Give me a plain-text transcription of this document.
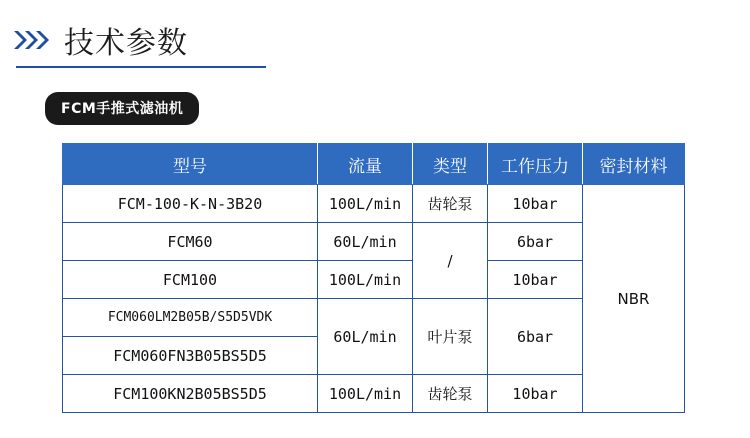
技术参数
FCM手推式滤油机
型号	流量	类型	工作压力	密封材料
FCM-100-K-N-3B20	100L/min	齿轮泵	10bar	NBR
FCM60	60L/min	/	6bar	
FCM100	100L/min		10bar	
FCM060LM2B05B/S5D5VDK	60L/min	叶片泵	6bar	
FCM060FN3B05BS5D5				
FCM100KN2B05BS5D5	100L/min	齿轮泵	10bar	
